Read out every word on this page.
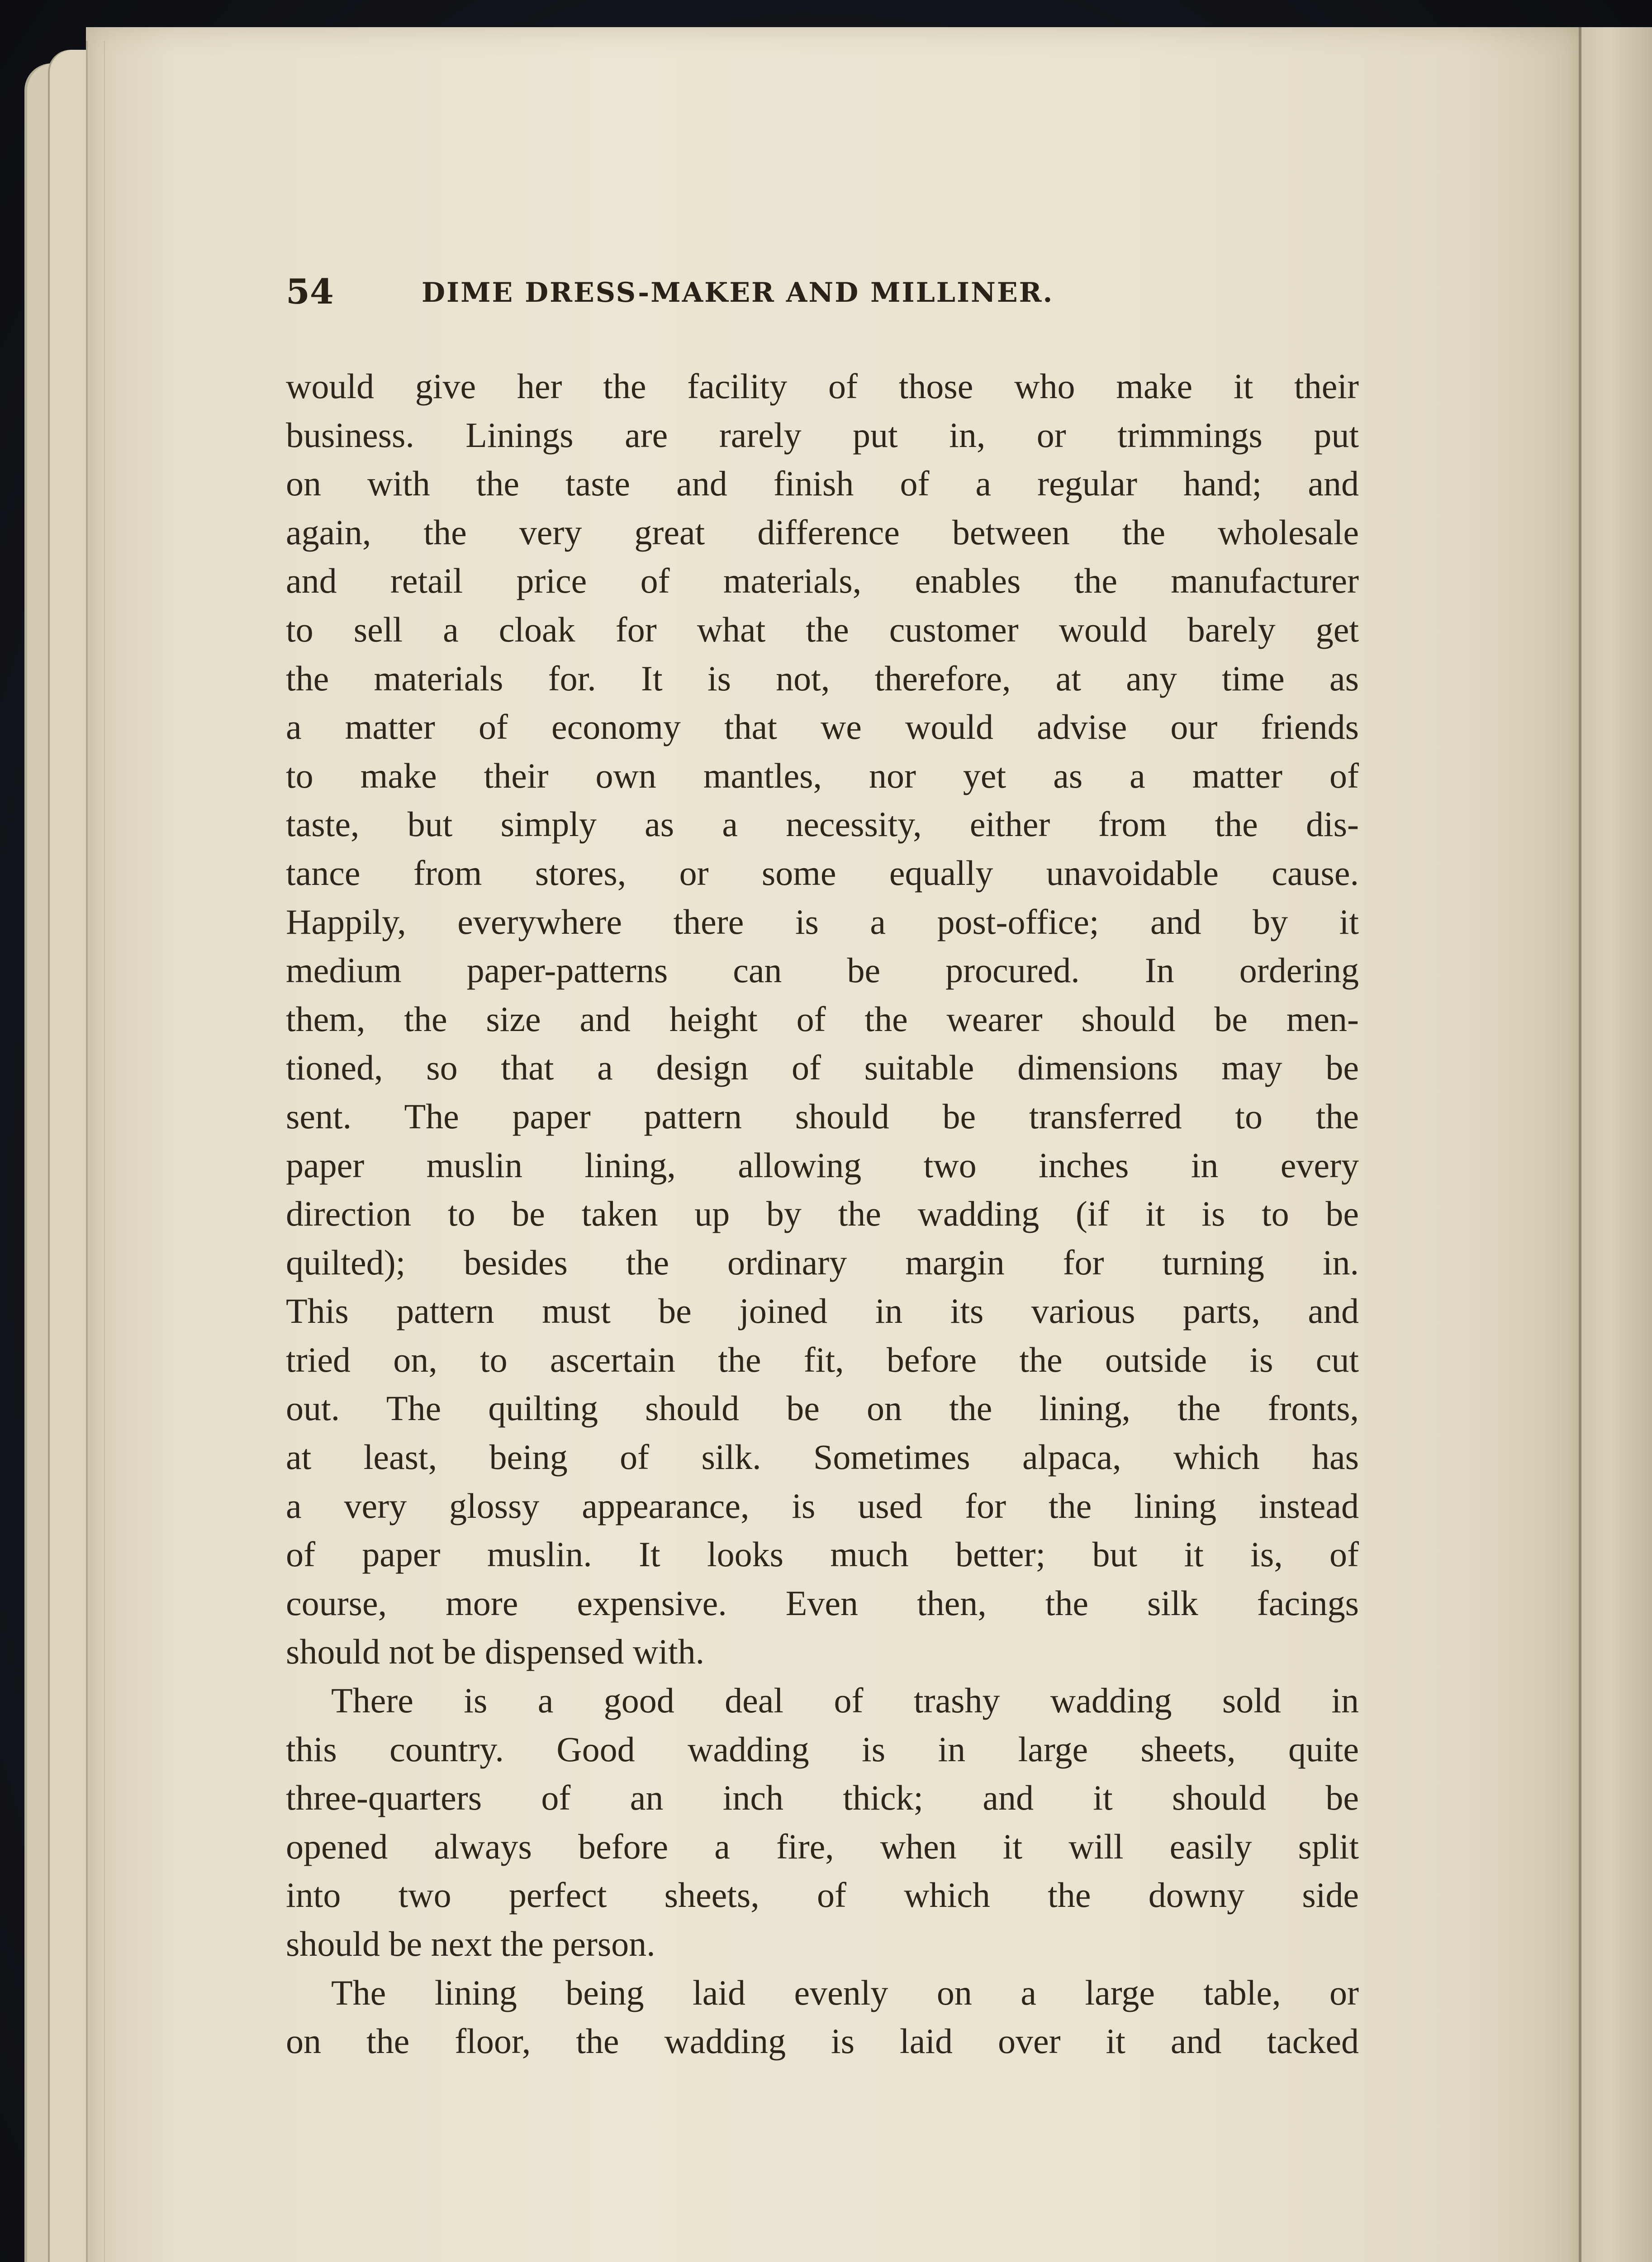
54	DIME DRESS-MAKER AND MILLINER.
would give her the facility of those who make it their
business. Linings are rarely put in, or trimmings put
on with the taste and finish of a regular hand; and
again, the very great difference between the wholesale
and retail price of materials, enables the manufacturer
to sell a cloak for what the customer would barely get
the materials for. It is not, therefore, at any time as
a matter of economy that we would advise our friends
to make their own mantles, nor yet as a matter of
taste, but simply as a necessity, either from the dis-
tance from stores, or some equally unavoidable cause.
Happily, everywhere there is a post-office; and by it
medium paper-patterns can be procured. In ordering
them, the size and height of the wearer should be men-
tioned, so that a design of suitable dimensions may be
sent. The paper pattern should be transferred to the
paper muslin lining, allowing two inches in every
direction to be taken up by the wadding (if it is to be
quilted); besides the ordinary margin for turning in.
This pattern must be joined in its various parts, and
tried on, to ascertain the fit, before the outside is cut
out. The quilting should be on the lining, the fronts,
at least, being of silk. Sometimes alpaca, which has
a very glossy appearance, is used for the lining instead
of paper muslin. It looks much better; but it is, of
course, more expensive. Even then, the silk facings
should not be dispensed with.
There is a good deal of trashy wadding sold in
this country. Good wadding is in large sheets, quite
three-quarters of an inch thick; and it should be
opened always before a fire, when it will easily split
into two perfect sheets, of which the downy side
should be next the person.
The lining being laid evenly on a large table, or
on the floor, the wadding is laid over it and tacked
